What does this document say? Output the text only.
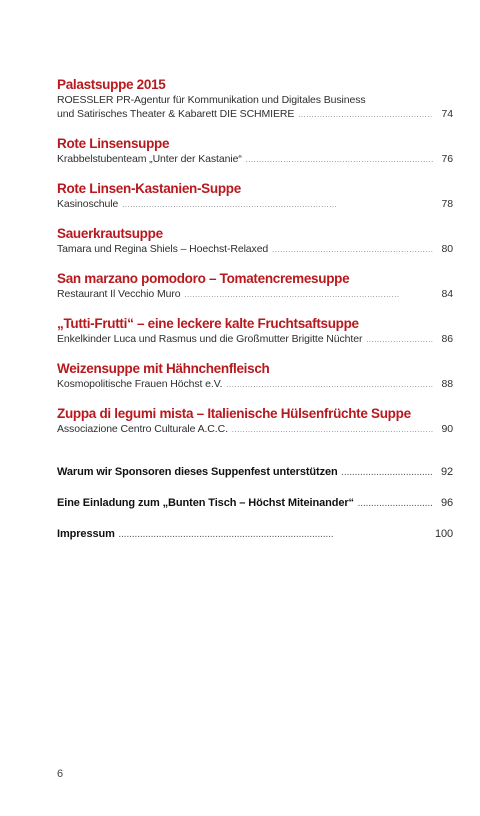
Palastsuppe 2015
ROESSLER PR-Agentur für Kommunikation und Digitales Business
und Satirisches Theater & Kabarett DIE SCHMIERE . . .	74
Rote Linsensuppe
Krabbelstubenteam „Unter der Kastanie“ . . .	76
Rote Linsen-Kastanien-Suppe
Kasinoschule . . .	78
Sauerkrautsuppe
Tamara und Regina Shiels – Hoechst-Relaxed . . .	80
San marzano pomodoro – Tomatencremesuppe
Restaurant Il Vecchio Muro . . .	84
„Tutti-Frutti“ – eine leckere kalte Fruchtsaftsuppe
Enkelkinder Luca und Rasmus und die Großmutter Brigitte Nüchter . . .	86
Weizensuppe mit Hähnchenfleisch
Kosmopolitische Frauen Höchst e.V. . . .	88
Zuppa di legumi mista – Italienische Hülsenfrüchte Suppe
Associazione Centro Culturale A.C.C. . . .	90
Warum wir Sponsoren dieses Suppenfest unterstützen . . .	92
Eine Einladung zum „Bunten Tisch – Höchst Miteinander“ . . .	96
Impressum . . .	100
6
